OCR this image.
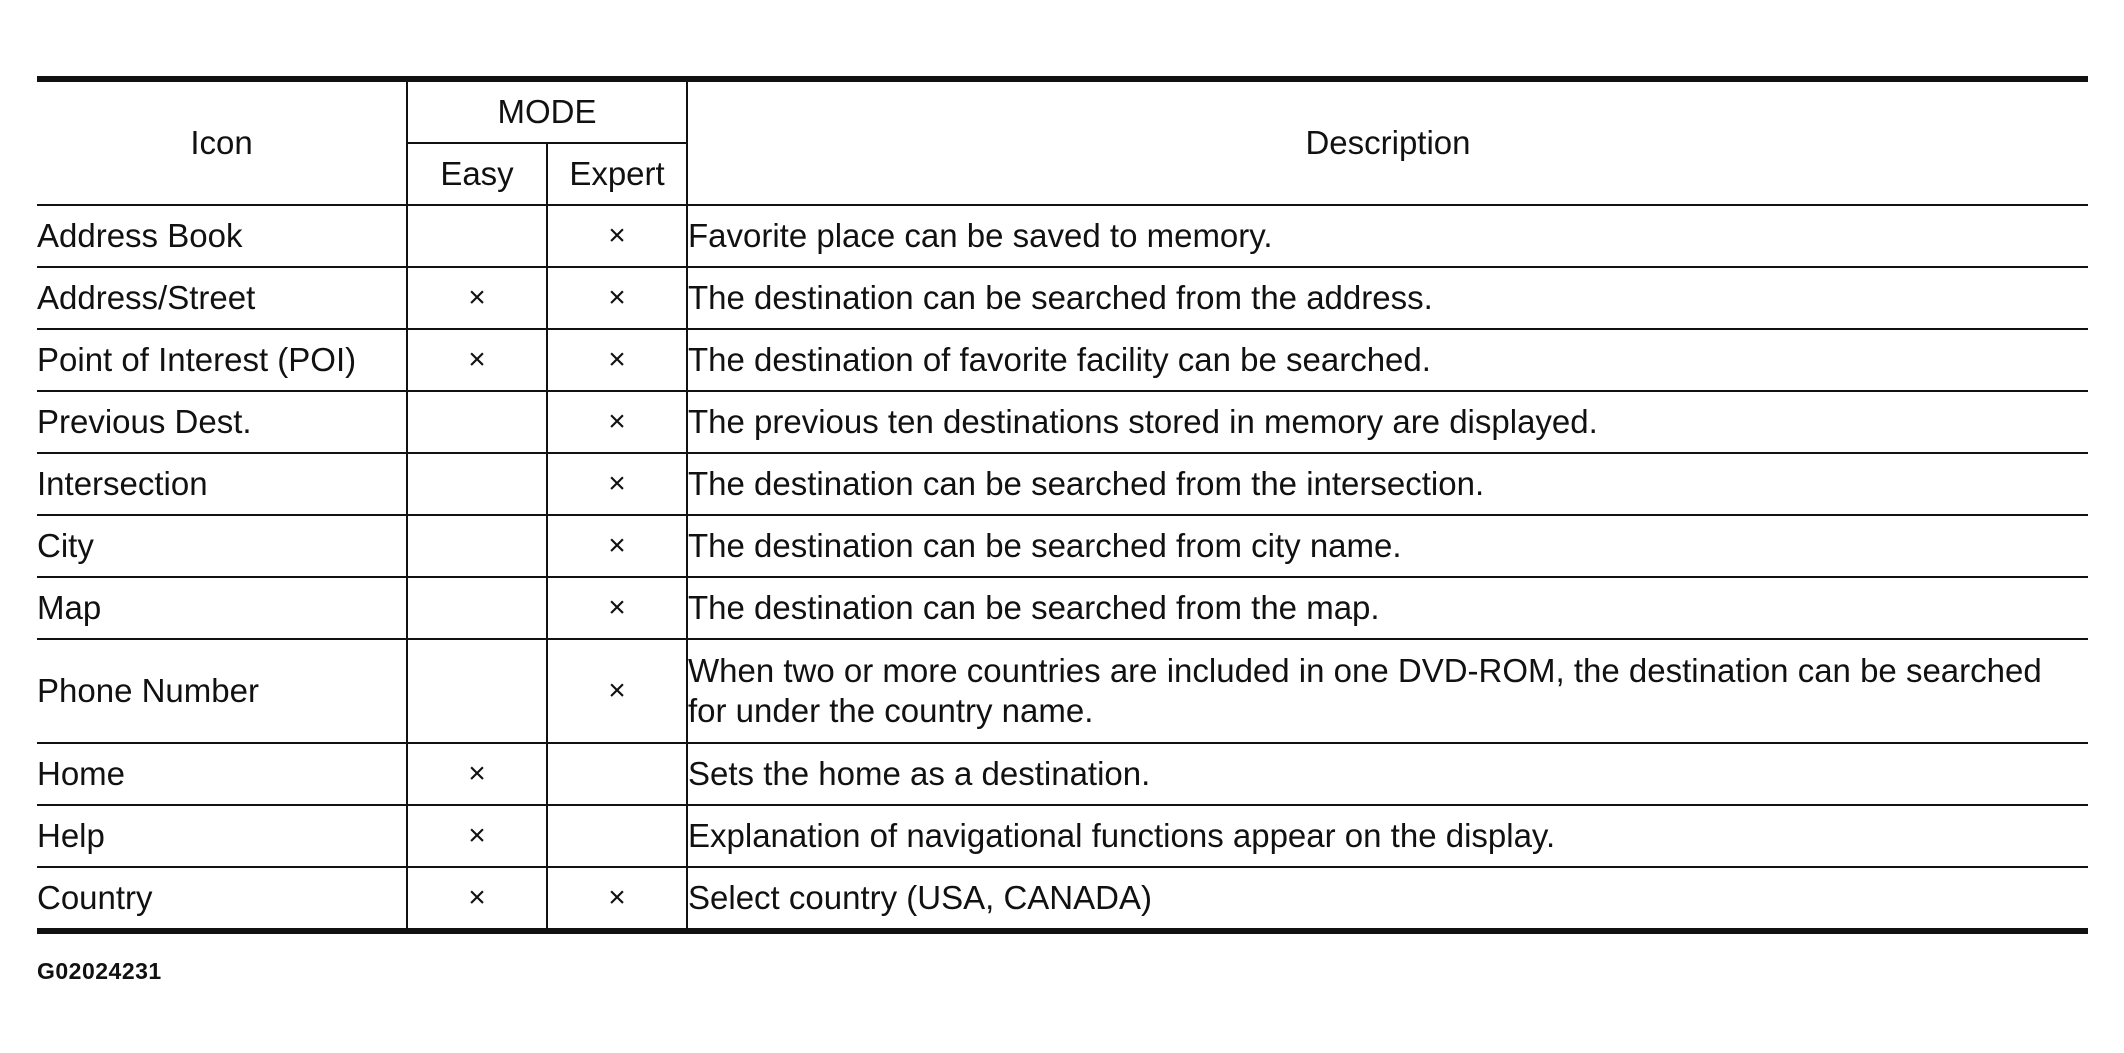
Icon	MODE		Description
	Easy	Expert	
Address Book		×	Favorite place can be saved to memory.
Address/Street	×	×	The destination can be searched from the address.
Point of Interest (POI)	×	×	The destination of favorite facility can be searched.
Previous Dest.		×	The previous ten destinations stored in memory are displayed.
Intersection		×	The destination can be searched from the intersection.
City		×	The destination can be searched from city name.
Map		×	The destination can be searched from the map.
Phone Number		×	When two or more countries are included in one DVD-ROM, the destination can be searched for under the country name.
Home	×		Sets the home as a destination.
Help	×		Explanation of navigational functions appear on the display.
Country	×	×	Select country (USA, CANADA)
G02024231
